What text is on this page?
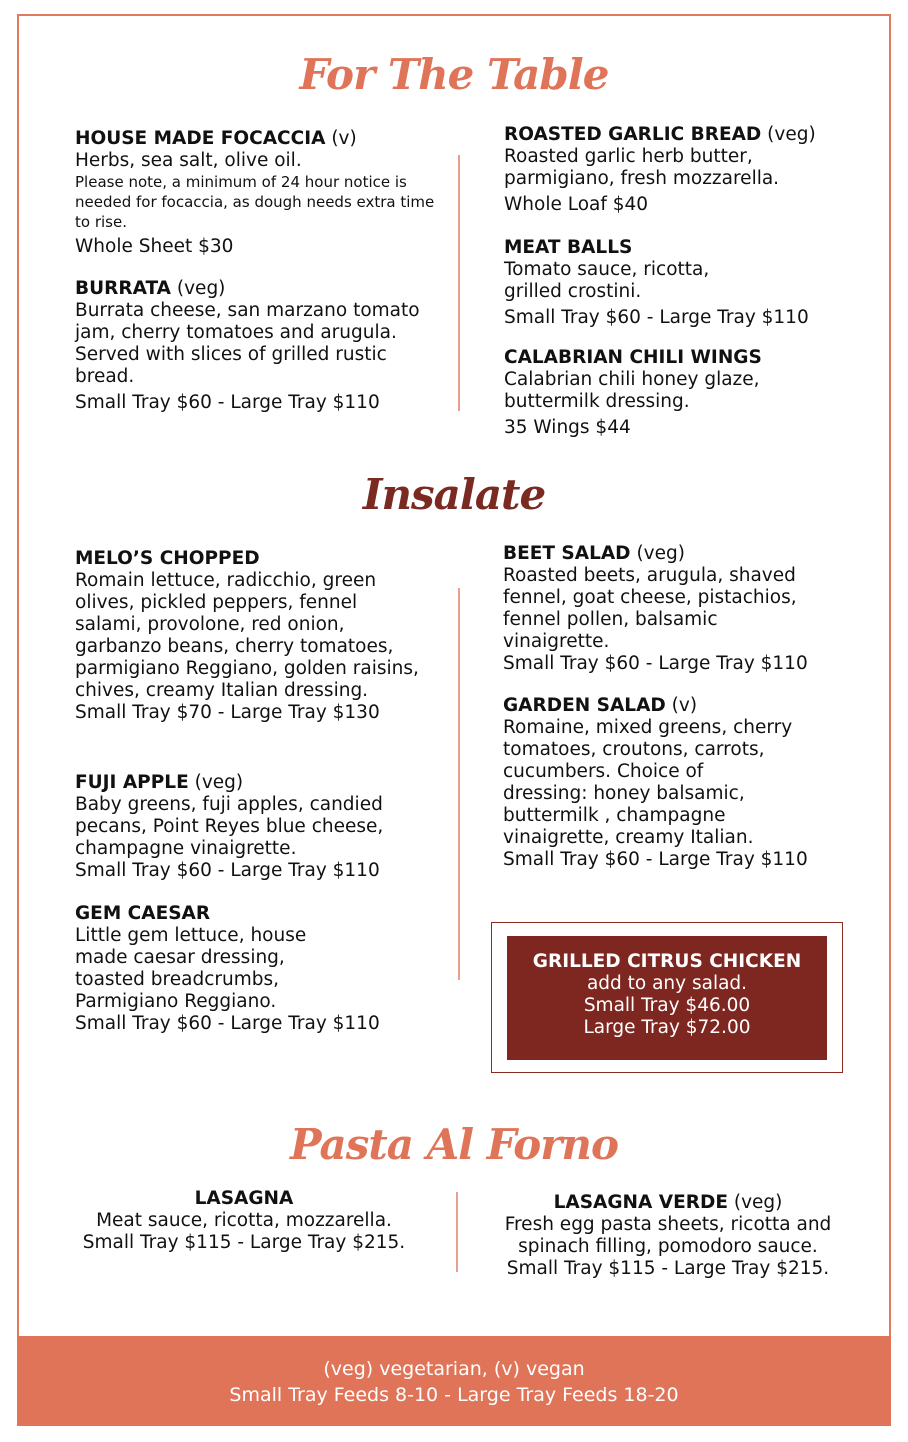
For The Table
HOUSE MADE FOCACCIA (v)
Herbs, sea salt, olive oil.
Please note, a minimum of 24 hour notice is needed for focaccia, as dough needs extra time to rise.
Whole Sheet $30
BURRATA (veg)
Burrata cheese, san marzano tomato jam, cherry tomatoes and arugula. Served with slices of grilled rustic bread.
Small Tray $60 - Large Tray $110
ROASTED GARLIC BREAD (veg)
Roasted garlic herb butter, parmigiano, fresh mozzarella.
Whole Loaf $40
MEAT BALLS
Tomato sauce, ricotta, grilled crostini.
Small Tray $60 - Large Tray $110
CALABRIAN CHILI WINGS
Calabrian chili honey glaze, buttermilk dressing.
35 Wings $44
Insalate
MELO’S CHOPPED
Romain lettuce, radicchio, green olives, pickled peppers, fennel salami, provolone, red onion, garbanzo beans, cherry tomatoes, parmigiano Reggiano, golden raisins, chives, creamy Italian dressing.
Small Tray $70 - Large Tray $130
FUJI APPLE (veg)
Baby greens, fuji apples, candied pecans, Point Reyes blue cheese, champagne vinaigrette.
Small Tray $60 - Large Tray $110
GEM CAESAR
Little gem lettuce, house made caesar dressing, toasted breadcrumbs, Parmigiano Reggiano.
Small Tray $60 - Large Tray $110
BEET SALAD (veg)
Roasted beets, arugula, shaved fennel, goat cheese, pistachios, fennel pollen, balsamic vinaigrette.
Small Tray $60 - Large Tray $110
GARDEN SALAD (v)
Romaine, mixed greens, cherry tomatoes, croutons, carrots, cucumbers. Choice of dressing: honey balsamic, buttermilk , champagne vinaigrette, creamy Italian.
Small Tray $60 - Large Tray $110
GRILLED CITRUS CHICKEN
add to any salad.
Small Tray $46.00
Large Tray $72.00
Pasta Al Forno
LASAGNA
Meat sauce, ricotta, mozzarella.
Small Tray $115 - Large Tray $215.
LASAGNA VERDE (veg)
Fresh egg pasta sheets, ricotta and spinach filling, pomodoro sauce.
Small Tray $115 - Large Tray $215.
(veg) vegetarian, (v) vegan
Small Tray Feeds 8-10 - Large Tray Feeds 18-20
